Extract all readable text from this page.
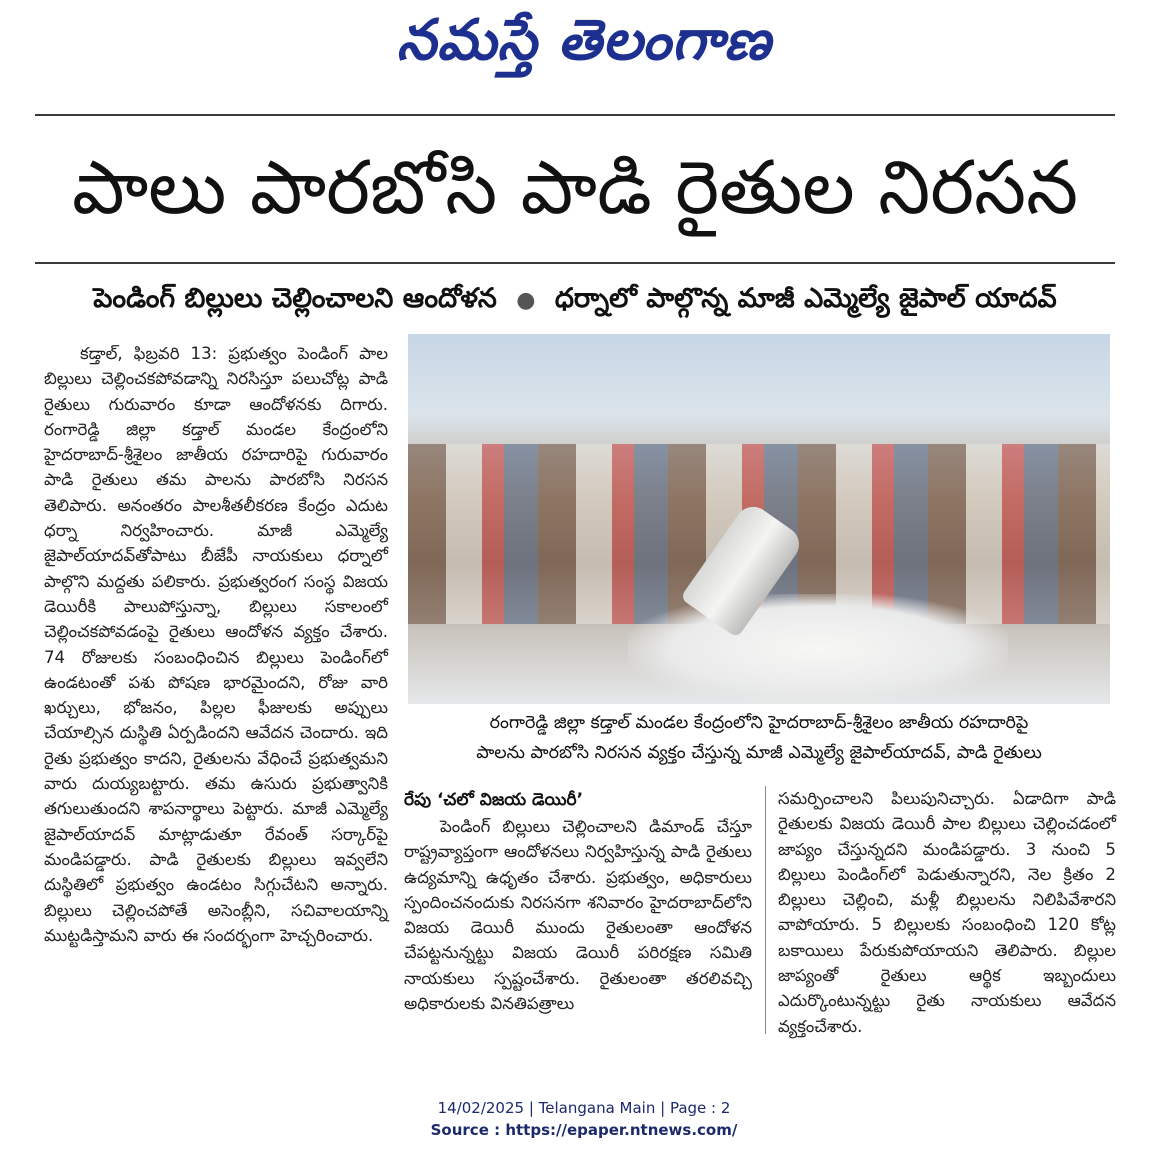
నమస్తే తెలంగాణ
పాలు పారబోసి పాడి రైతుల నిరసన
పెండింగ్ బిల్లులు చెల్లించాలని ఆందోళన ● ధర్నాలో పాల్గొన్న మాజీ ఎమ్మెల్యే జైపాల్ యాదవ్

కడ్తాల్, ఫిబ్రవరి 13: ప్రభుత్వం పెండింగ్ పాల బిల్లులు చెల్లించకపోవడాన్ని నిరసిస్తూ పలుచోట్ల పాడి రైతులు గురువారం కూడా ఆందోళనకు దిగారు. రంగారెడ్డి జిల్లా కడ్తాల్ మండల కేంద్రంలోని హైదరాబాద్-శ్రీశైలం జాతీయ రహదారిపై గురువారం పాడి రైతులు తమ పాలను పారబోసి నిరసన తెలిపారు. అనంతరం పాలశీతలీకరణ కేంద్రం ఎదుట ధర్నా నిర్వహించారు. మాజీ ఎమ్మెల్యే జైపాల్‌యాదవ్‌తోపాటు బీజేపీ నాయకులు ధర్నాలో పాల్గొని మద్దతు పలికారు. ప్రభుత్వరంగ సంస్థ విజయ డెయిరీకి పాలుపోస్తున్నా, బిల్లులు సకాలంలో చెల్లించకపోవడంపై రైతులు ఆందోళన వ్యక్తం చేశారు. 74 రోజులకు సంబంధించిన బిల్లులు పెండింగ్‌లో ఉండటంతో పశు పోషణ భారమైందని, రోజు వారి ఖర్చులు, భోజనం, పిల్లల ఫీజులకు అప్పులు చేయాల్సిన దుస్థితి ఏర్పడిందని ఆవేదన చెందారు. ఇది రైతు ప్రభుత్వం కాదని, రైతులను వేధించే ప్రభుత్వమని వారు దుయ్యబట్టారు. తమ ఉసురు ప్రభుత్వానికి తగులుతుందని శాపనార్థాలు పెట్టారు. మాజీ ఎమ్మెల్యే జైపాల్‌యాదవ్ మాట్లాడుతూ రేవంత్ సర్కార్‌పై మండిపడ్డారు. పాడి రైతులకు బిల్లులు ఇవ్వలేని దుస్థితిలో ప్రభుత్వం ఉండటం సిగ్గుచేటని అన్నారు. బిల్లులు చెల్లించపోతే అసెంబ్లీని, సచివాలయాన్ని ముట్టడిస్తామని వారు ఈ సందర్భంగా హెచ్చరించారు.

రంగారెడ్డి జిల్లా కడ్తాల్ మండల కేంద్రంలోని హైదరాబాద్-శ్రీశైలం జాతీయ రహదారిపై
పాలను పారబోసి నిరసన వ్యక్తం చేస్తున్న మాజీ ఎమ్మెల్యే జైపాల్‌యాదవ్, పాడి రైతులు
రేపు ‘చలో విజయ డెయిరీ’

పెండింగ్ బిల్లులు చెల్లించాలని డిమాండ్ చేస్తూ రాష్ట్రవ్యాప్తంగా ఆందోళనలు నిర్వహిస్తున్న పాడి రైతులు ఉద్యమాన్ని ఉధృతం చేశారు. ప్రభుత్వం, అధికారులు స్పందించనందుకు నిరసనగా శనివారం హైదరాబాద్‌లోని విజయ డెయిరీ ముందు రైతులంతా ఆందోళన చేపట్టనున్నట్టు విజయ డెయిరీ పరిరక్షణ సమితి నాయకులు స్పష్టంచేశారు. రైతులంతా తరలివచ్చి అధికారులకు వినతిపత్రాలు

సమర్పించాలని పిలుపునిచ్చారు. ఏడాదిగా పాడి రైతులకు విజయ డెయిరీ పాల బిల్లులు చెల్లించడంలో జాప్యం చేస్తున్నదని మండిపడ్డారు. 3 నుంచి 5 బిల్లులు పెండింగ్‌లో పెడుతున్నారని, నెల క్రితం 2 బిల్లులు చెల్లించి, మళ్లీ బిల్లులను నిలిపివేశారని వాపోయారు. 5 బిల్లులకు సంబంధించి 120 కోట్ల బకాయిలు పేరుకుపోయాయని తెలిపారు. బిల్లుల జాప్యంతో రైతులు ఆర్థిక ఇబ్బందులు ఎదుర్కొంటున్నట్టు రైతు నాయకులు ఆవేదన వ్యక్తంచేశారు.

14/02/2025 | Telangana Main | Page : 2
Source : https://epaper.ntnews.com/
